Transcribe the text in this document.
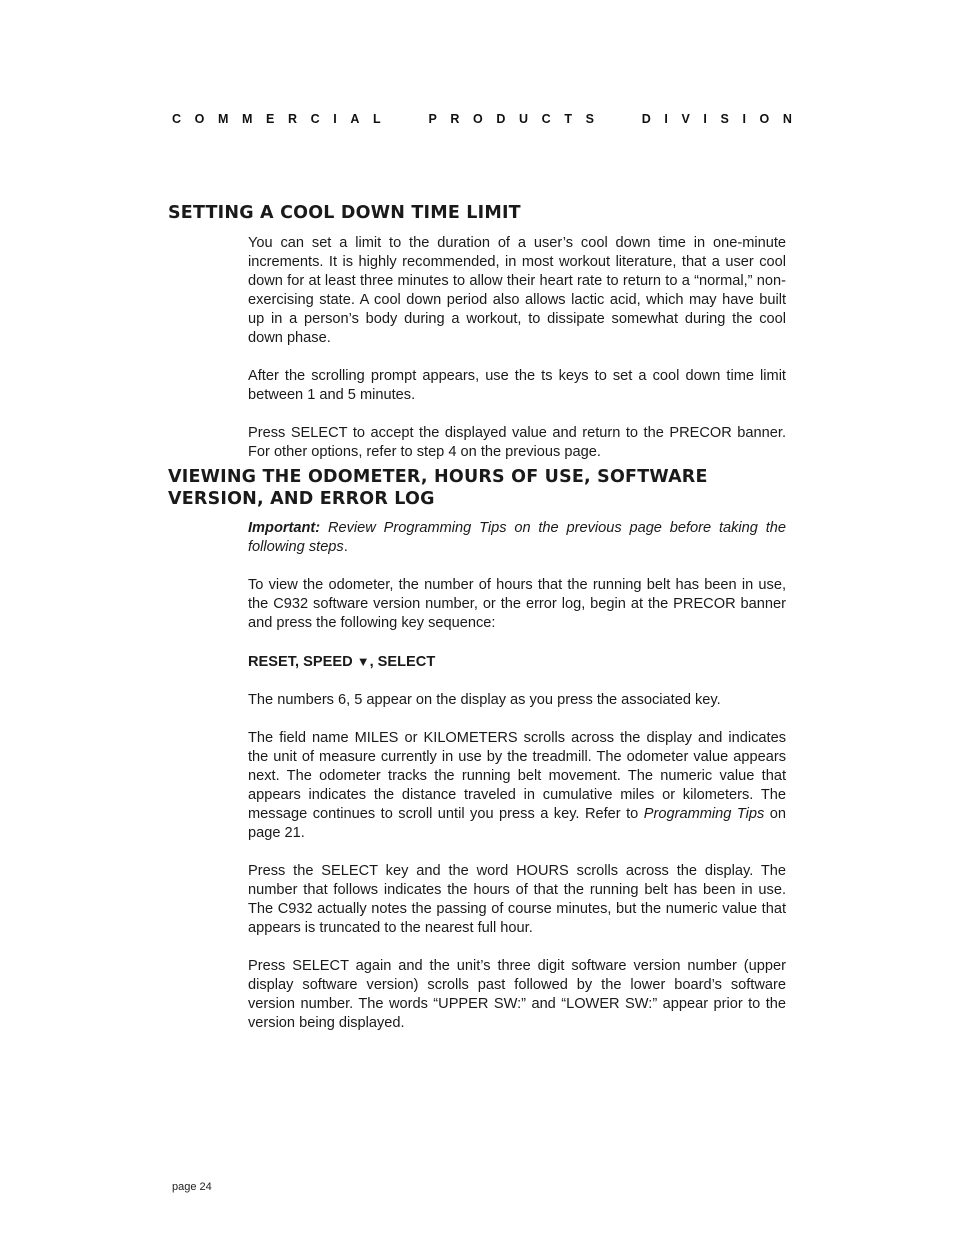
C O M M E R C I A L

	P R O D U C T S

	D I V I S I O N
SETTING A COOL DOWN TIME LIMIT

You can set a limit to the duration of a user’s cool down time in one-minute increments. It is highly recommended, in most workout literature, that a user cool down for at least three minutes to allow their heart rate to return to a “normal,” non-exercising state. A cool down period also allows lactic acid, which may have built up in a person’s body during a workout, to dissipate somewhat during the cool down phase.

After the scrolling prompt appears, use the ts keys to set a cool down time limit between 1 and 5 minutes.

Press SELECT to accept the displayed value and return to the PRECOR banner. For other options, refer to step 4 on the previous page.

VIEWING THE ODOMETER, HOURS OF USE, SOFTWARE
VERSION, AND ERROR LOG

Important: Review Programming Tips on the previous page before taking the following steps.

To view the odometer, the number of hours that the running belt has been in use, the C932 software version number, or the error log, begin at the PRECOR banner and press the following key sequence:

RESET, SPEED ▼, SELECT

The numbers 6, 5 appear on the display as you press the associated key.

The field name MILES or KILOMETERS scrolls across the display and indicates the unit of measure currently in use by the treadmill. The odometer value appears next. The odometer tracks the running belt movement. The numeric value that appears indicates the distance traveled in cumulative miles or kilometers. The message continues to scroll until you press a key. Refer to Programming Tips on page 21.

Press the SELECT key and the word HOURS scrolls across the display. The number that follows indicates the hours of that the running belt has been in use. The C932 actually notes the passing of course minutes, but the numeric value that appears is truncated to the nearest full hour.

Press SELECT again and the unit’s three digit software version number (upper display software version) scrolls past followed by the lower board’s software version number. The words “UPPER SW:” and “LOWER SW:” appear prior to the version being displayed.

page 24
